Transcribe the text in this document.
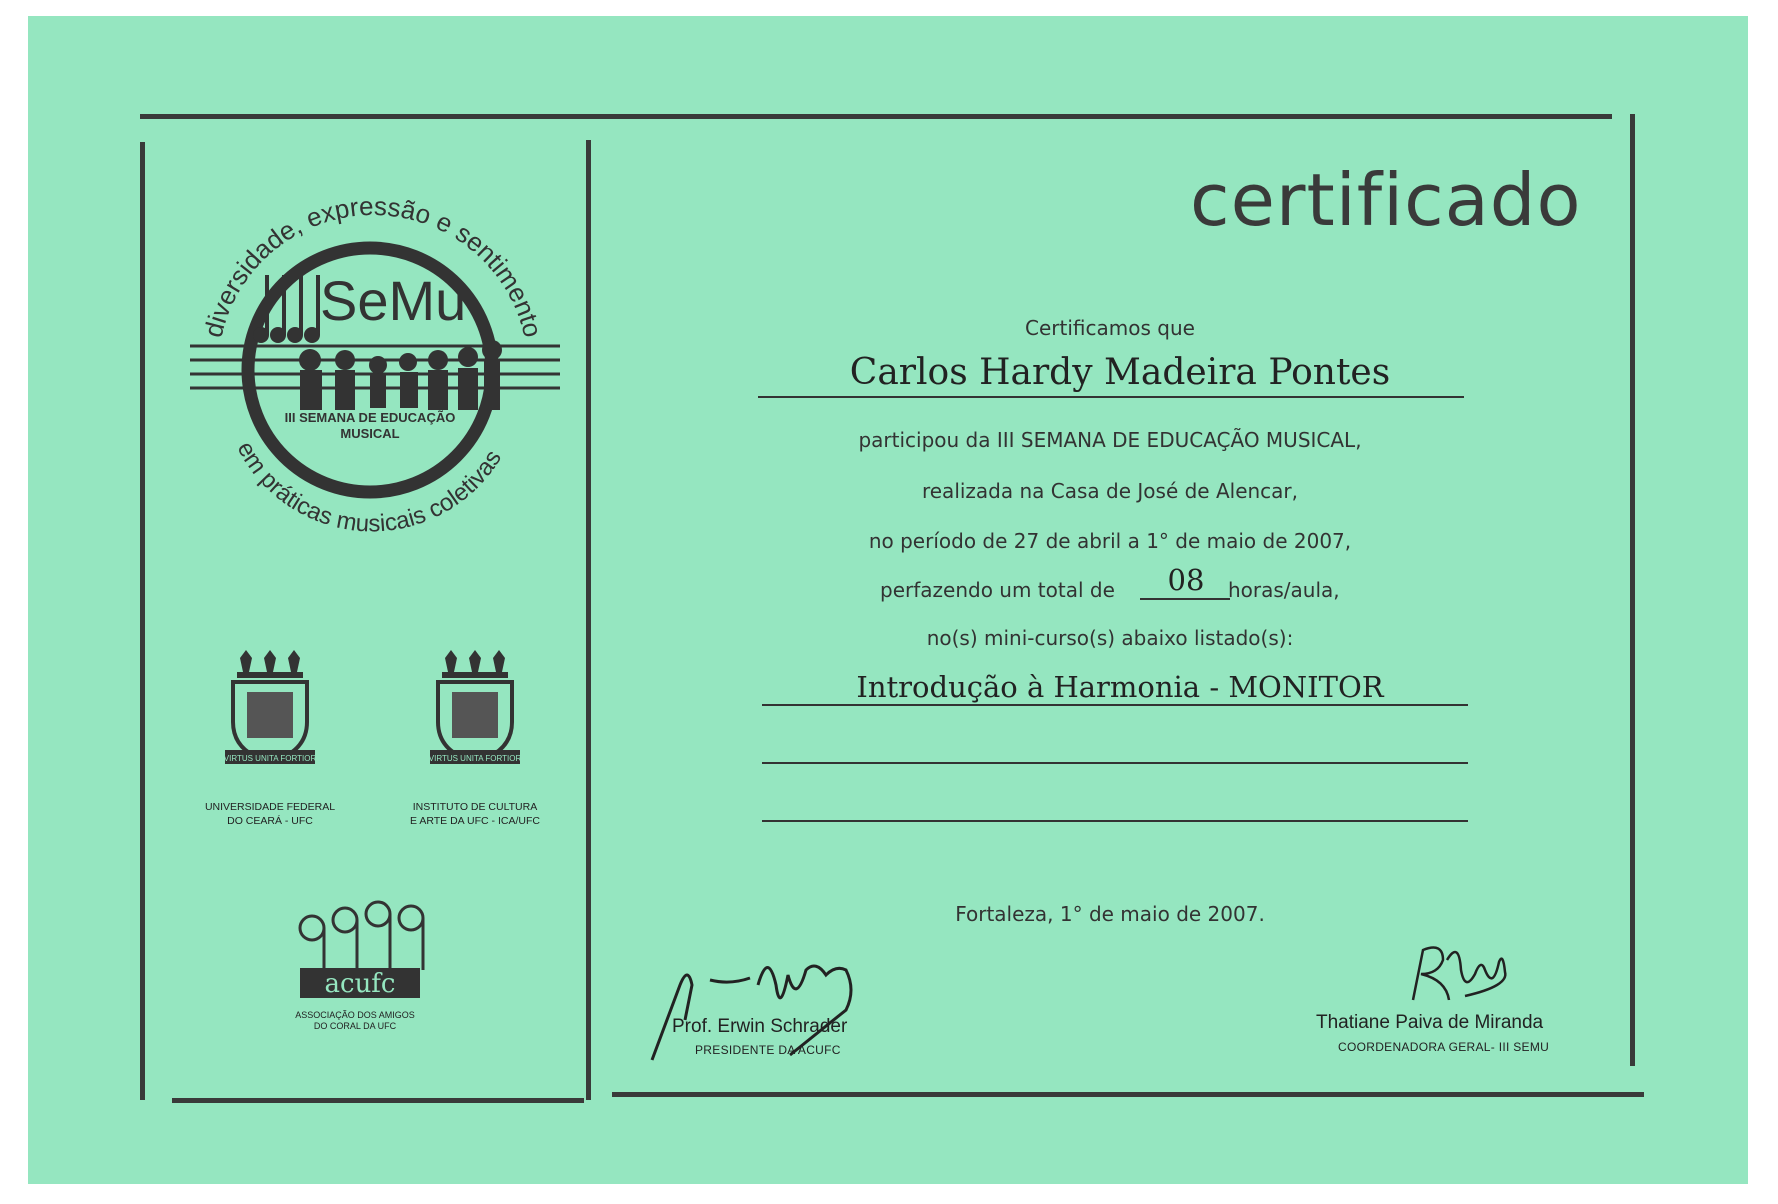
diversidade, expressão e sentimento
SeMu
III SEMANA DE EDUCAÇÃO
MUSICAL
em práticas musicais coletivas
VIRTUS UNITA FORTIOR
UNIVERSIDADE FEDERAL
DO CEARÁ - UFC
VIRTUS UNITA FORTIOR
INSTITUTO DE CULTURA
E ARTE DA UFC - ICA/UFC
acufc
ASSOCIAÇÃO DOS AMIGOS
DO CORAL DA UFC
certificado
Certificamos que
Carlos Hardy Madeira Pontes
participou da III SEMANA DE EDUCAÇÃO MUSICAL,
realizada na Casa de José de Alencar,
no período de 27 de abril a 1° de maio de 2007,
perfazendo um total de	08	horas/aula,
no(s) mini-curso(s) abaixo listado(s):
Introdução à Harmonia - MONITOR
Fortaleza, 1° de maio de 2007.
Prof. Erwin Schrader
PRESIDENTE DA ACUFC
Thatiane Paiva de Miranda
COORDENADORA GERAL- III SEMU
